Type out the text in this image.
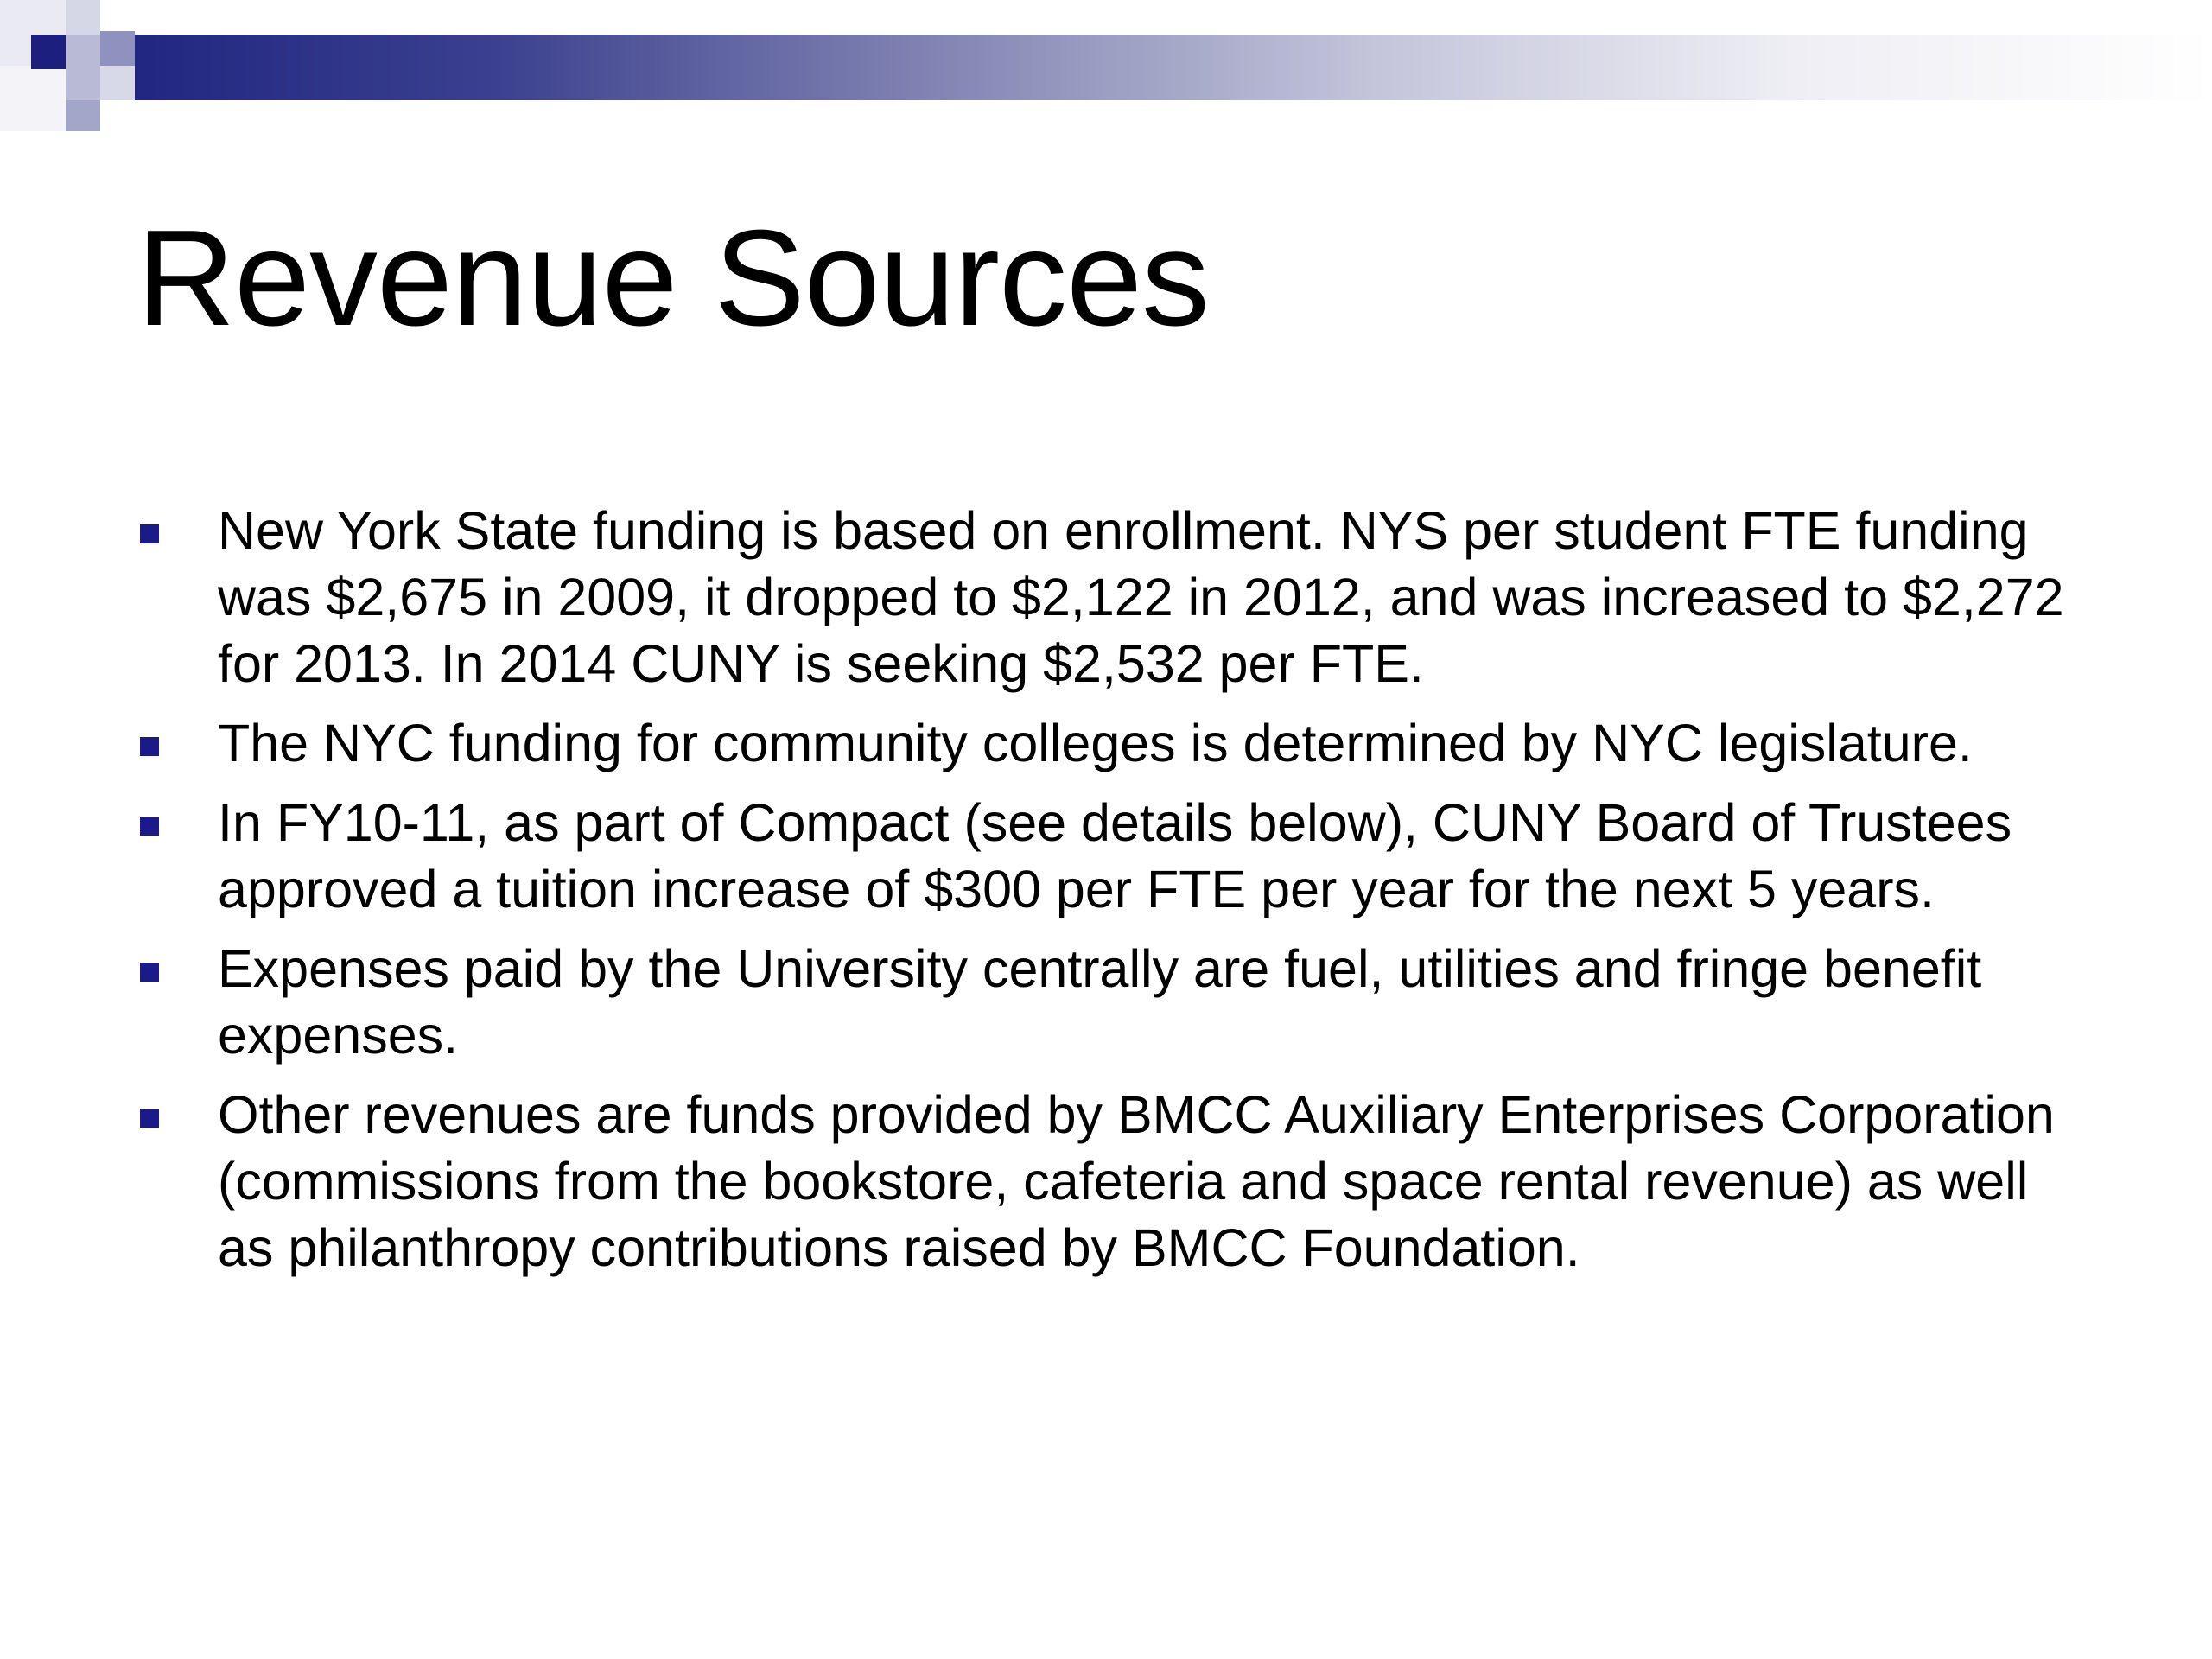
Revenue Sources
New York State funding is based on enrollment. NYS per student FTE funding was $2,675 in 2009, it dropped to $2,122 in 2012, and was increased to $2,272 for 2013. In 2014 CUNY is seeking $2,532 per FTE.
The NYC funding for community colleges is determined by NYC legislature.
In FY10-11, as part of Compact (see details below), CUNY Board of Trustees approved a tuition increase of $300 per FTE per year for the next 5 years.
Expenses paid by the University centrally are fuel, utilities and fringe benefit expenses.
Other revenues are funds provided by BMCC Auxiliary Enterprises Corporation (commissions from the bookstore, cafeteria and space rental revenue) as well as philanthropy contributions raised by BMCC Foundation.
